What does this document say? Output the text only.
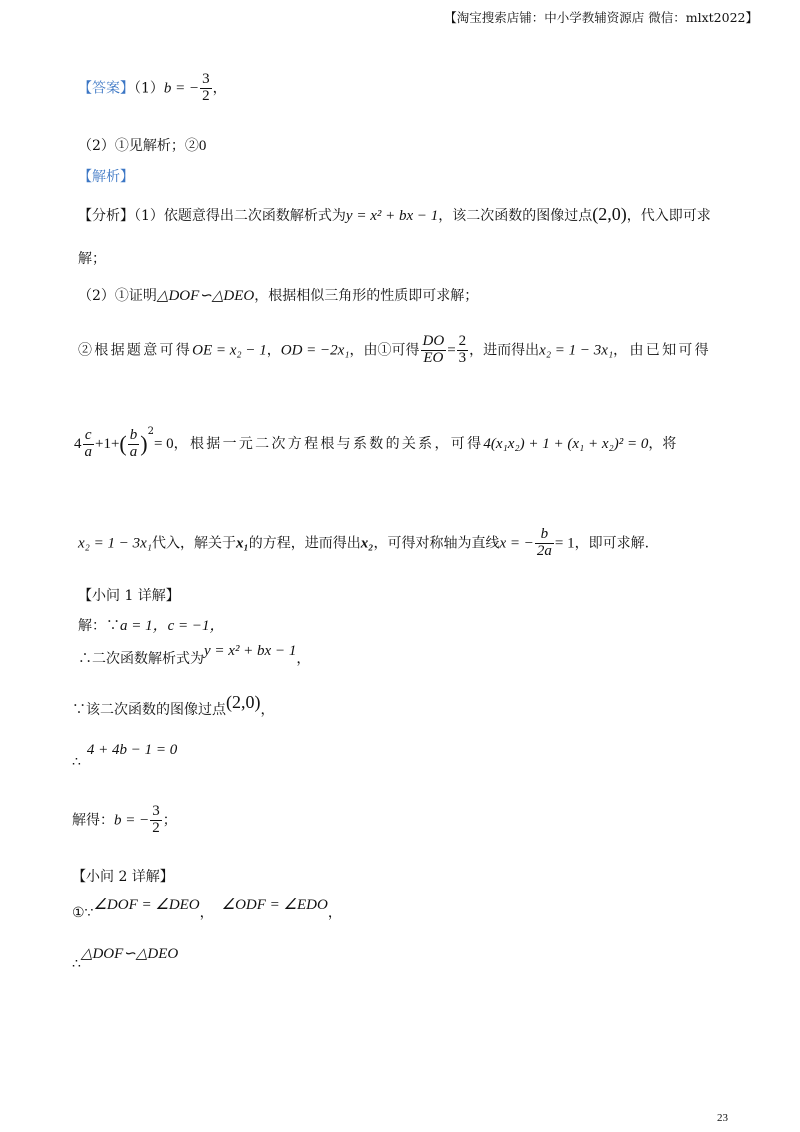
【淘宝搜索店铺：中小学教辅资源店 微信：mlxt2022】
【答案】（1）b = − $\frac{3}{2}$ ，
（2）①见解析；②0
【解析】
【分析】（1）依题意得出二次函数解析式为y = x² + bx − 1，该二次函数的图像过点(2,0)，代入即可求
解；
（2）①证明△DOF∽△DEO，根据相似三角形的性质即可求解；
②根据题意可得OE = x₂ − 1，OD = −2x₁，由①可得 $\frac{DO}{EO} = \frac{2}{3}$ ，进而得出x₂ = 1 − 3x₁，由已知可得
$4 \frac{c}{a} +1+( \frac{b}{a} )^2= 0$，根据一元二次方程根与系数的关系，可得4(x₁x₂) + 1 + (x₁ + x₂)² = 0，将
x₂ = 1 − 3x₁代入，解关于x₁的方程，进而得出x₂，可得对称轴为直线x = − $\frac{b}{2a} = 1$，即可求解.
【小问 1 详解】
解：∵a = 1，c = −1，
∴二次函数解析式为y = x² + bx − 1，
∵该二次函数的图像过点(2,0)，
∴4 + 4b − 1 = 0
解得：b = − $\frac{3}{2}$ ；
【小问 2 详解】
①∵∠DOF = ∠DEO， ∠ODF = ∠EDO，
∴△DOF∽△DEO
23
